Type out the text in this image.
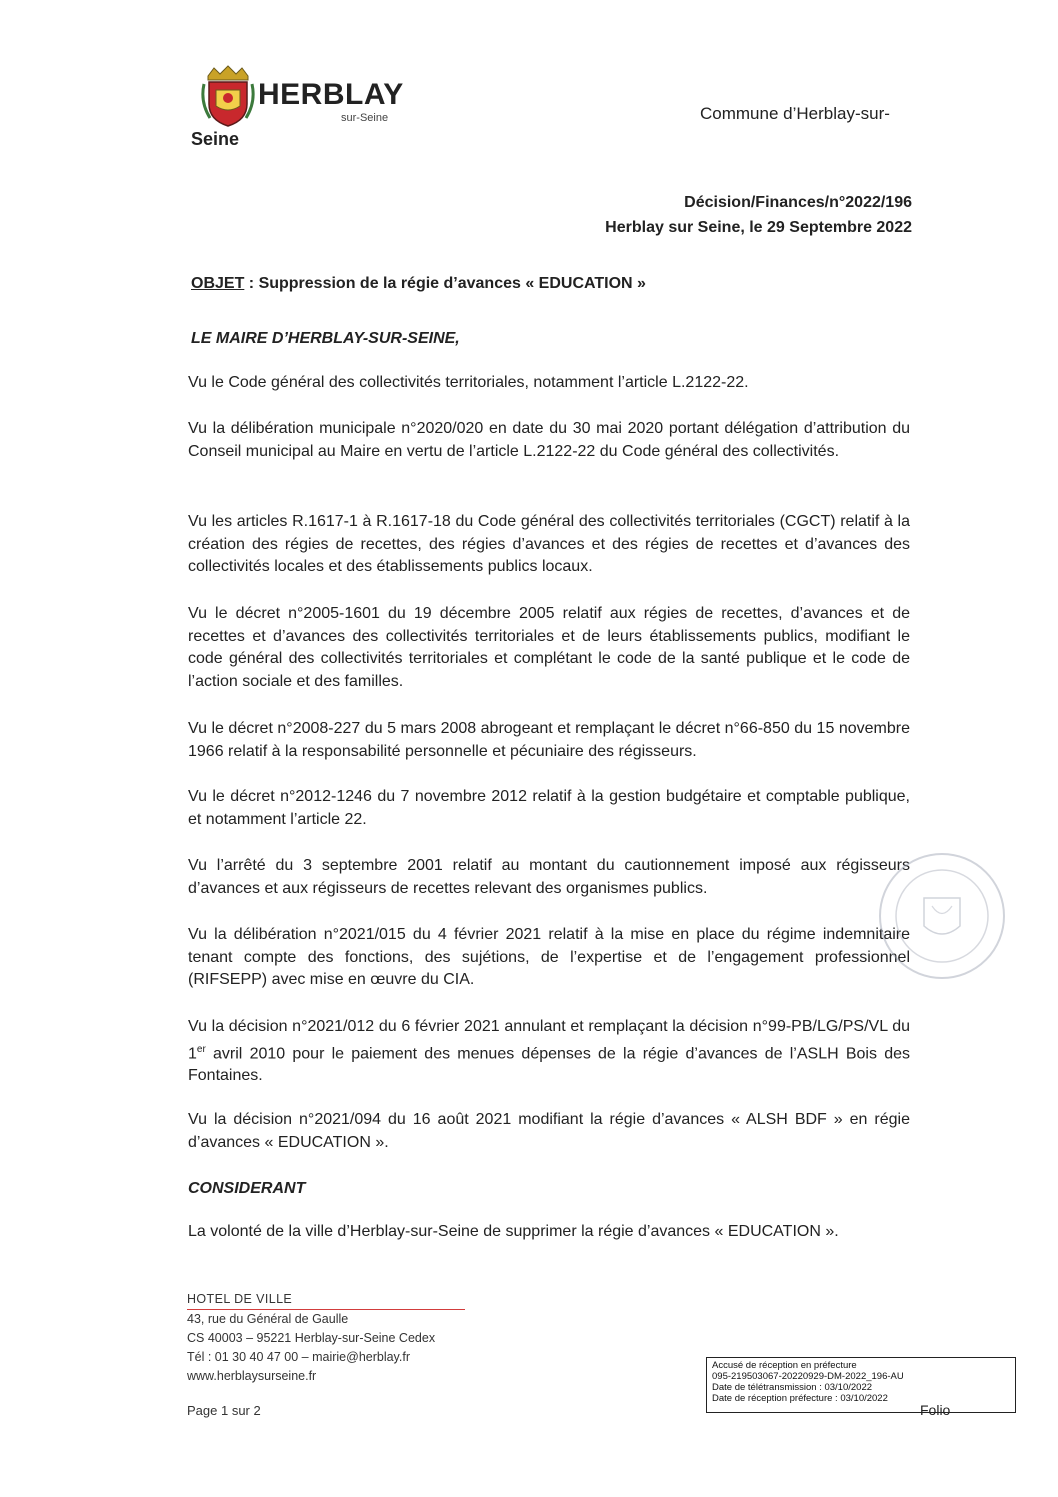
HERBLAY
sur-Seine
Seine
Commune d’Herblay-sur-
Décision/Finances/n°2022/196
Herblay sur Seine, le 29 Septembre 2022
OBJET : Suppression de la régie d’avances « EDUCATION »
LE MAIRE D’HERBLAY-SUR-SEINE,
Vu le Code général des collectivités territoriales, notamment l’article L.2122-22.
Vu la délibération municipale n°2020/020 en date du 30 mai 2020 portant délégation d’attribution du Conseil municipal au Maire en vertu de l’article L.2122-22 du Code général des collectivités.
Vu les articles R.1617-1 à R.1617-18 du Code général des collectivités territoriales (CGCT) relatif à la création des régies de recettes, des régies d’avances et des régies de recettes et d’avances des collectivités locales et des établissements publics locaux.
Vu le décret n°2005-1601 du 19 décembre 2005 relatif aux régies de recettes, d’avances et de recettes et d’avances des collectivités territoriales et de leurs établissements publics, modifiant le code général des collectivités territoriales et complétant le code de la santé publique et le code de l’action sociale et des familles.
Vu le décret n°2008-227 du 5 mars 2008 abrogeant et remplaçant le décret n°66-850 du 15 novembre 1966 relatif à la responsabilité personnelle et pécuniaire des régisseurs.
Vu le décret n°2012-1246 du 7 novembre 2012 relatif à la gestion budgétaire et comptable publique, et notamment l’article 22.
Vu l’arrêté du 3 septembre 2001 relatif au montant du cautionnement imposé aux régisseurs d’avances et aux régisseurs de recettes relevant des organismes publics.
Vu la délibération n°2021/015 du 4 février 2021 relatif à la mise en place du régime indemnitaire tenant compte des fonctions, des sujétions, de l’expertise et de l’engagement professionnel (RIFSEPP) avec mise en œuvre du CIA.
Vu la décision n°2021/012 du 6 février 2021 annulant et remplaçant la décision n°99-PB/LG/PS/VL du 1er avril 2010 pour le paiement des menues dépenses de la régie d’avances de l’ASLH Bois des Fontaines.
Vu la décision n°2021/094 du 16 août 2021 modifiant la régie d’avances « ALSH BDF » en régie d’avances « EDUCATION ».
CONSIDERANT
La volonté de la ville d’Herblay-sur-Seine de supprimer la régie d’avances « EDUCATION ».
HOTEL DE VILLE
43, rue du Général de Gaulle
CS 40003 – 95221 Herblay-sur-Seine Cedex
Tél : 01 30 40 47 00 – mairie@herblay.fr
www.herblaysurseine.fr
Page 1 sur 2
Accusé de réception en préfecture
095-219503067-20220929-DM-2022_196-AU
Date de télétransmission : 03/10/2022
Date de réception préfecture : 03/10/2022
Folio
